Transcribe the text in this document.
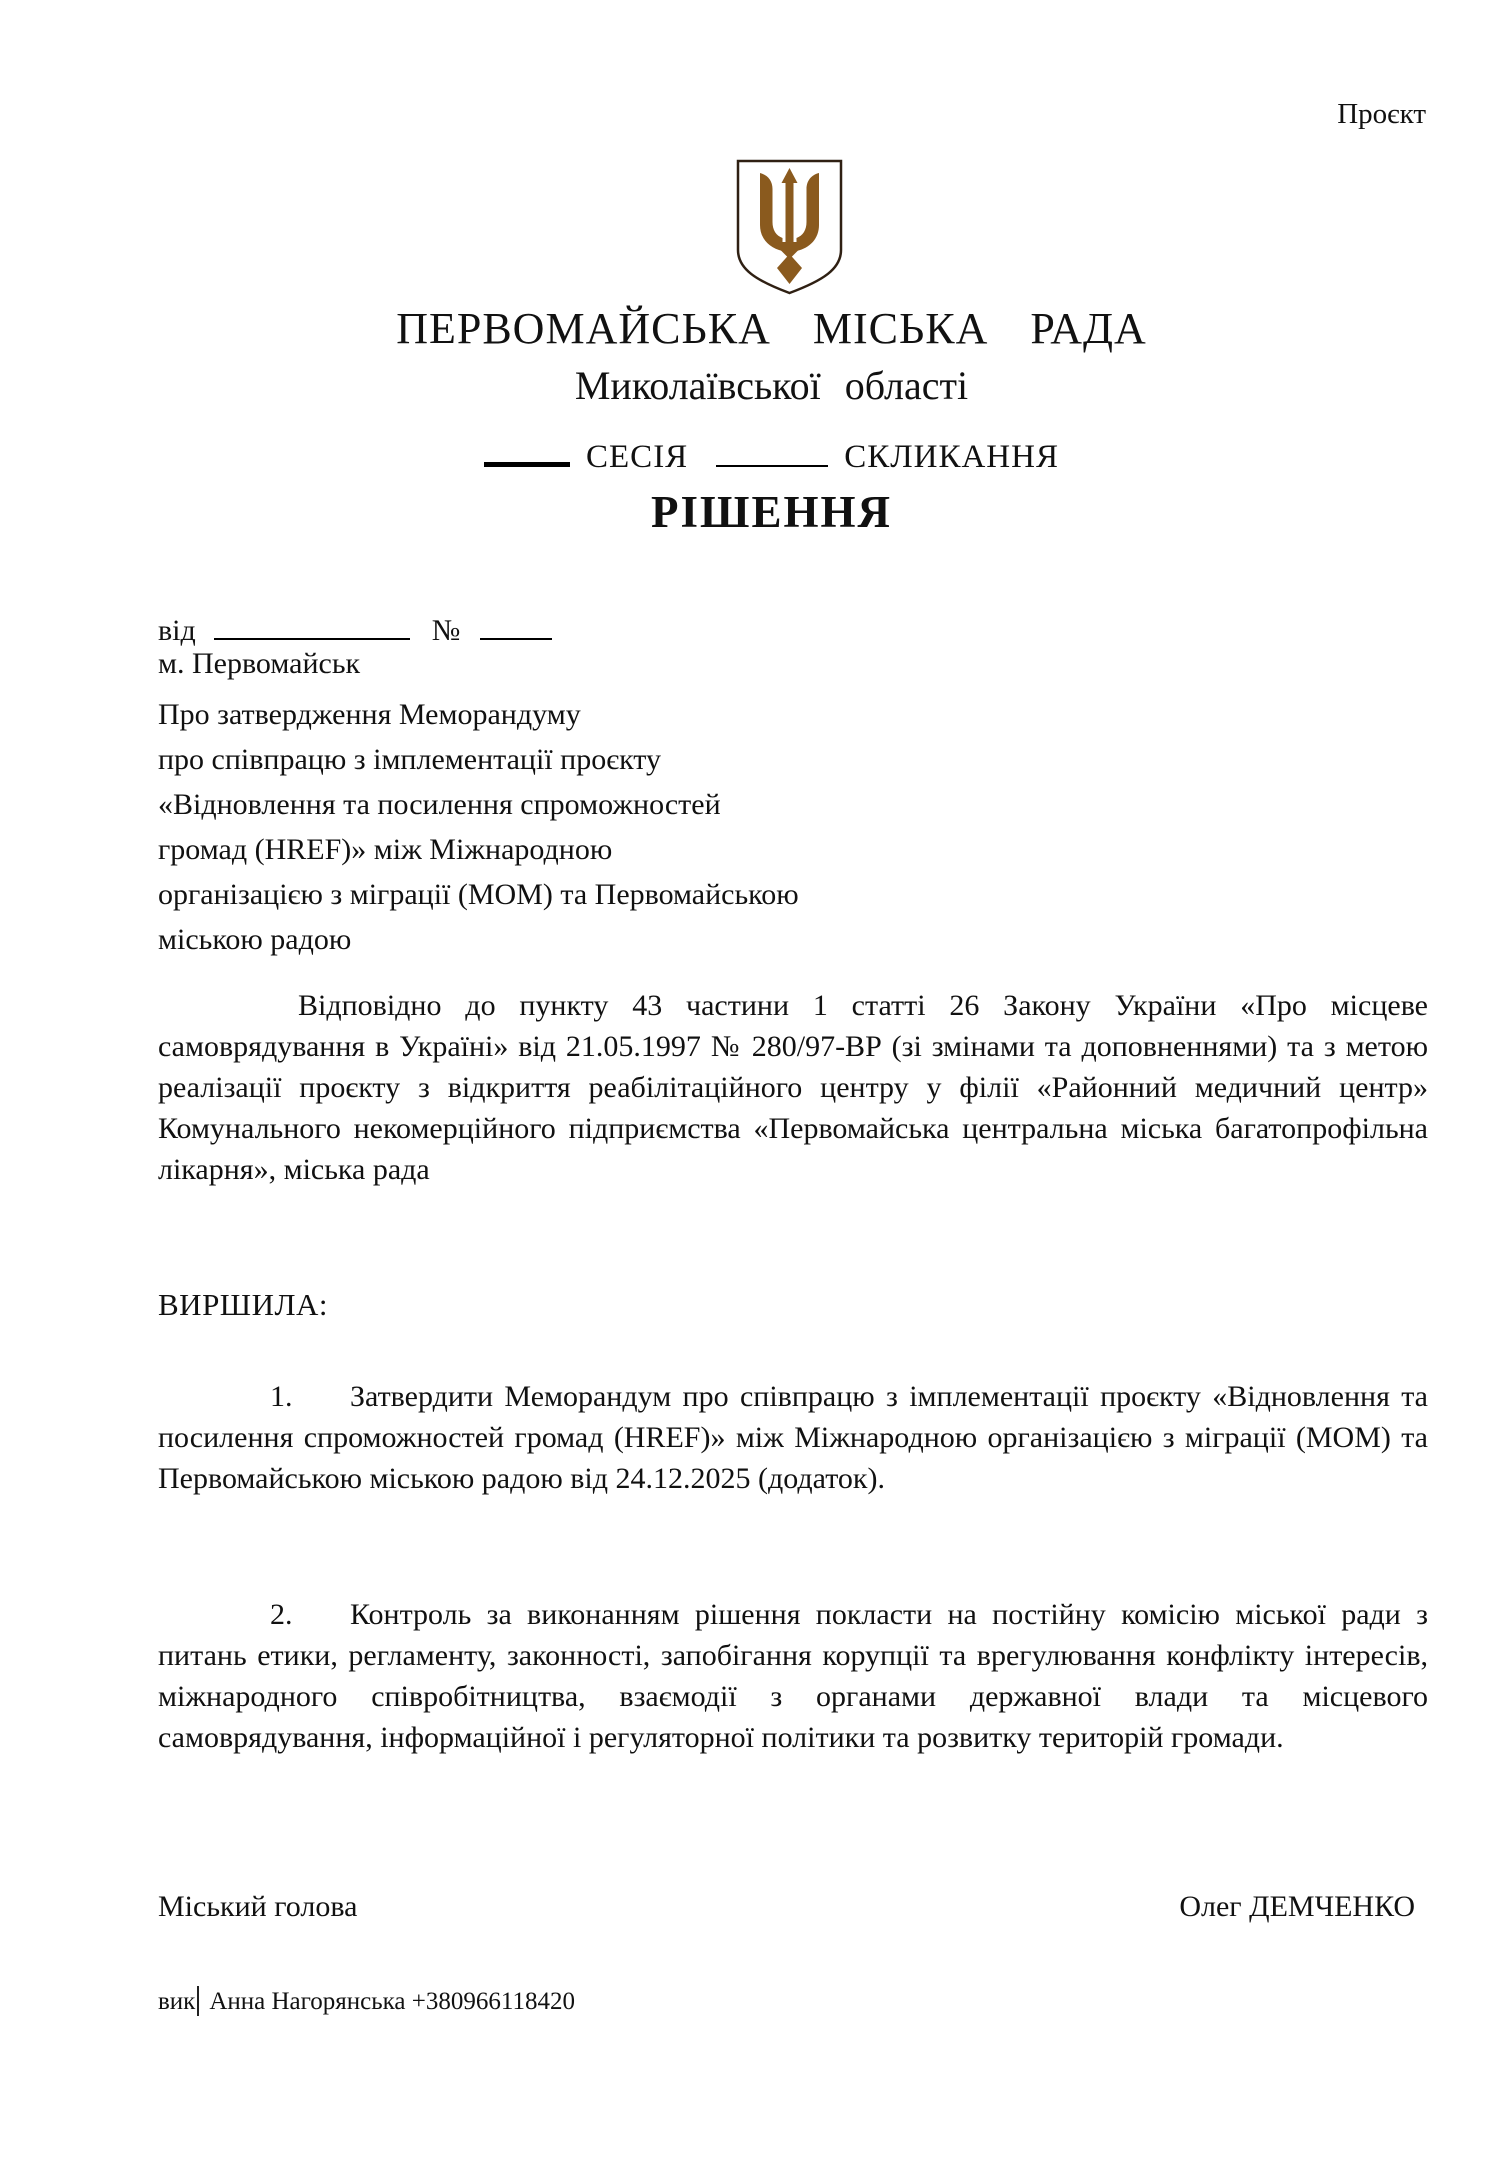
Проєкт
ПЕРВОМАЙСЬКА МІСЬКА РАДА
Миколаївської області
СЕСІЯ	СКЛИКАННЯ
РІШЕННЯ
від	№
м. Первомайськ
Про затвердження Меморандуму
про співпрацю з імплементації проєкту
«Відновлення та посилення спроможностей
громад (HREF)» між Міжнародною
організацією з міграції (МОМ) та Первомайською
міською радою
Відповідно до пункту 43 частини 1 статті 26 Закону України «Про місцеве самоврядування в Україні» від 21.05.1997 № 280/97-ВР (зі змінами та доповненнями) та з метою реалізації проєкту з відкриття реабілітаційного центру у філії «Районний медичний центр» Комунального некомерційного підприємства «Первомайська центральна міська багатопрофільна лікарня», міська рада
ВИРШИЛА:
1. Затвердити Меморандум про співпрацю з імплементації проєкту «Відновлення та посилення спроможностей громад (HREF)» між Міжнародною організацією з міграції (МОМ) та Первомайською міською радою від 24.12.2025 (додаток).
2. Контроль за виконанням рішення покласти на постійну комісію міської ради з питань етики, регламенту, законності, запобігання корупції та врегулювання конфлікту інтересів, міжнародного співробітництва, взаємодії з органами державної влади та місцевого самоврядування, інформаційної і регуляторної політики та розвитку територій громади.
Міський голова	Олег ДЕМЧЕНКО
вик Анна Нагорянська +380966118420
